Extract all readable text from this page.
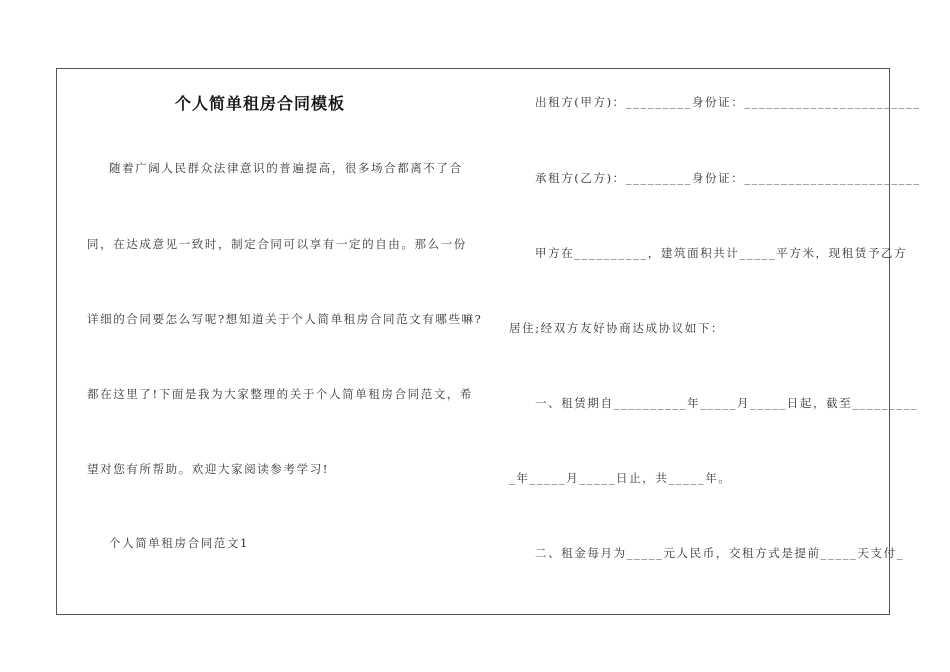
个人简单租房合同模板
随着广阔人民群众法律意识的普遍提高，很多场合都离不了合
同，在达成意见一致时，制定合同可以享有一定的自由。那么一份
详细的合同要怎么写呢?想知道关于个人简单租房合同范文有哪些嘛?
都在这里了!下面是我为大家整理的关于个人简单租房合同范文，希
望对您有所帮助。欢迎大家阅读参考学习!
个人简单租房合同范文1
出租方(甲方)：_________身份证：________________________
承租方(乙方)：_________身份证：________________________
甲方在__________，建筑面积共计_____平方米，现租赁予乙方
居住;经双方友好协商达成协议如下：
一、租赁期自__________年_____月_____日起，截至_________
_年_____月_____日止，共_____年。
二、租金每月为_____元人民币，交租方式是提前_____天支付_
